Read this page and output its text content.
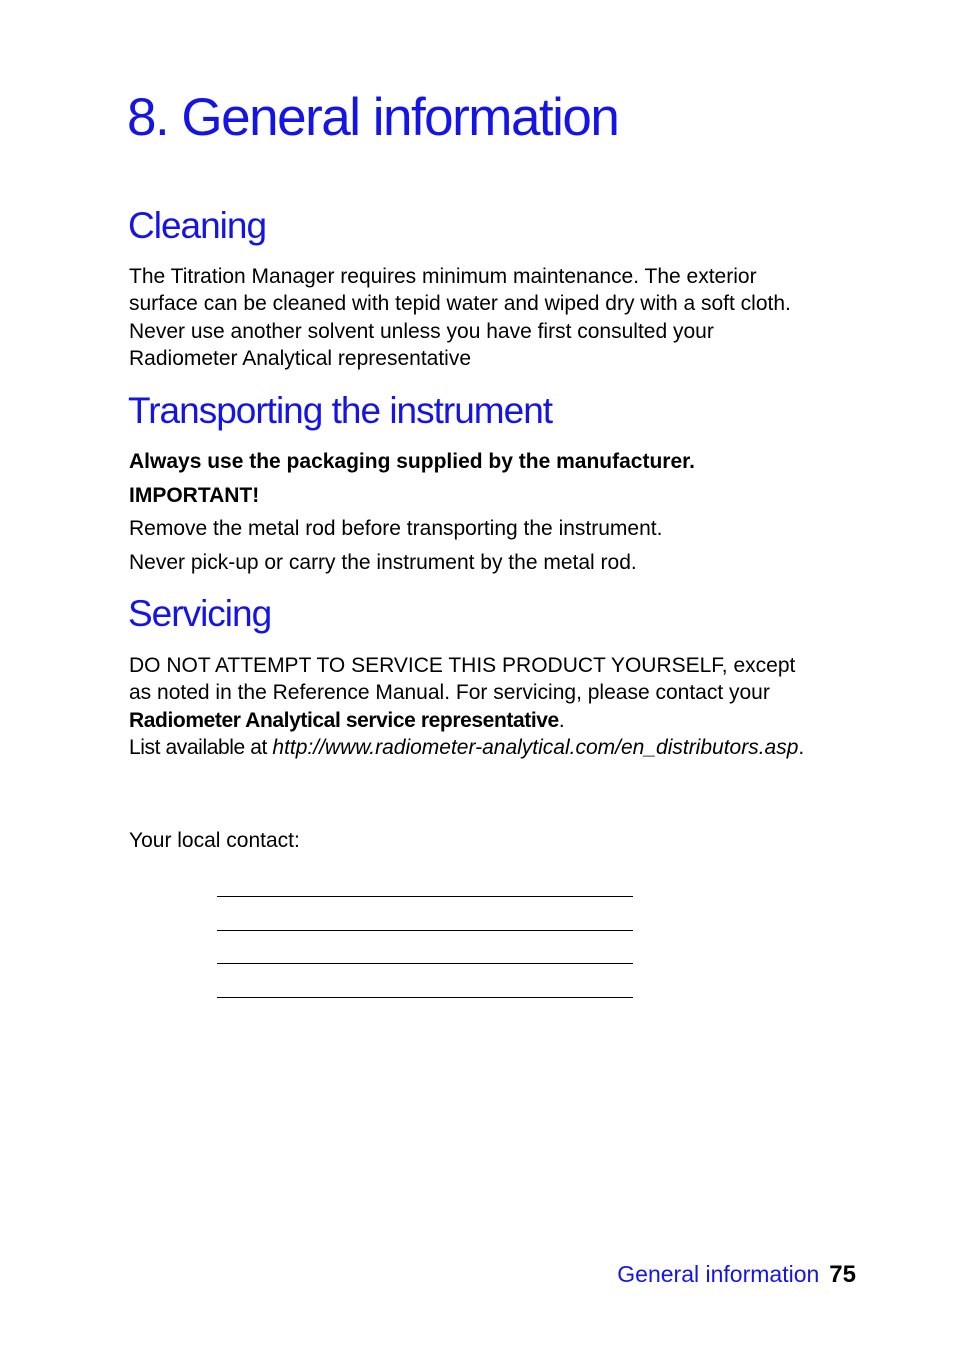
8. General information
Cleaning
The Titration Manager requires minimum maintenance. The exterior
surface can be cleaned with tepid water and wiped dry with a soft cloth.
Never use another solvent unless you have first consulted your
Radiometer Analytical representative
Transporting the instrument
Always use the packaging supplied by the manufacturer.
IMPORTANT!
Remove the metal rod before transporting the instrument.
Never pick-up or carry the instrument by the metal rod.
Servicing
DO NOT ATTEMPT TO SERVICE THIS PRODUCT YOURSELF, except
as noted in the Reference Manual. For servicing, please contact your
Radiometer Analytical service representative.
List available at http://www.radiometer-analytical.com/en_distributors.asp.
Your local contact:
General information 75
